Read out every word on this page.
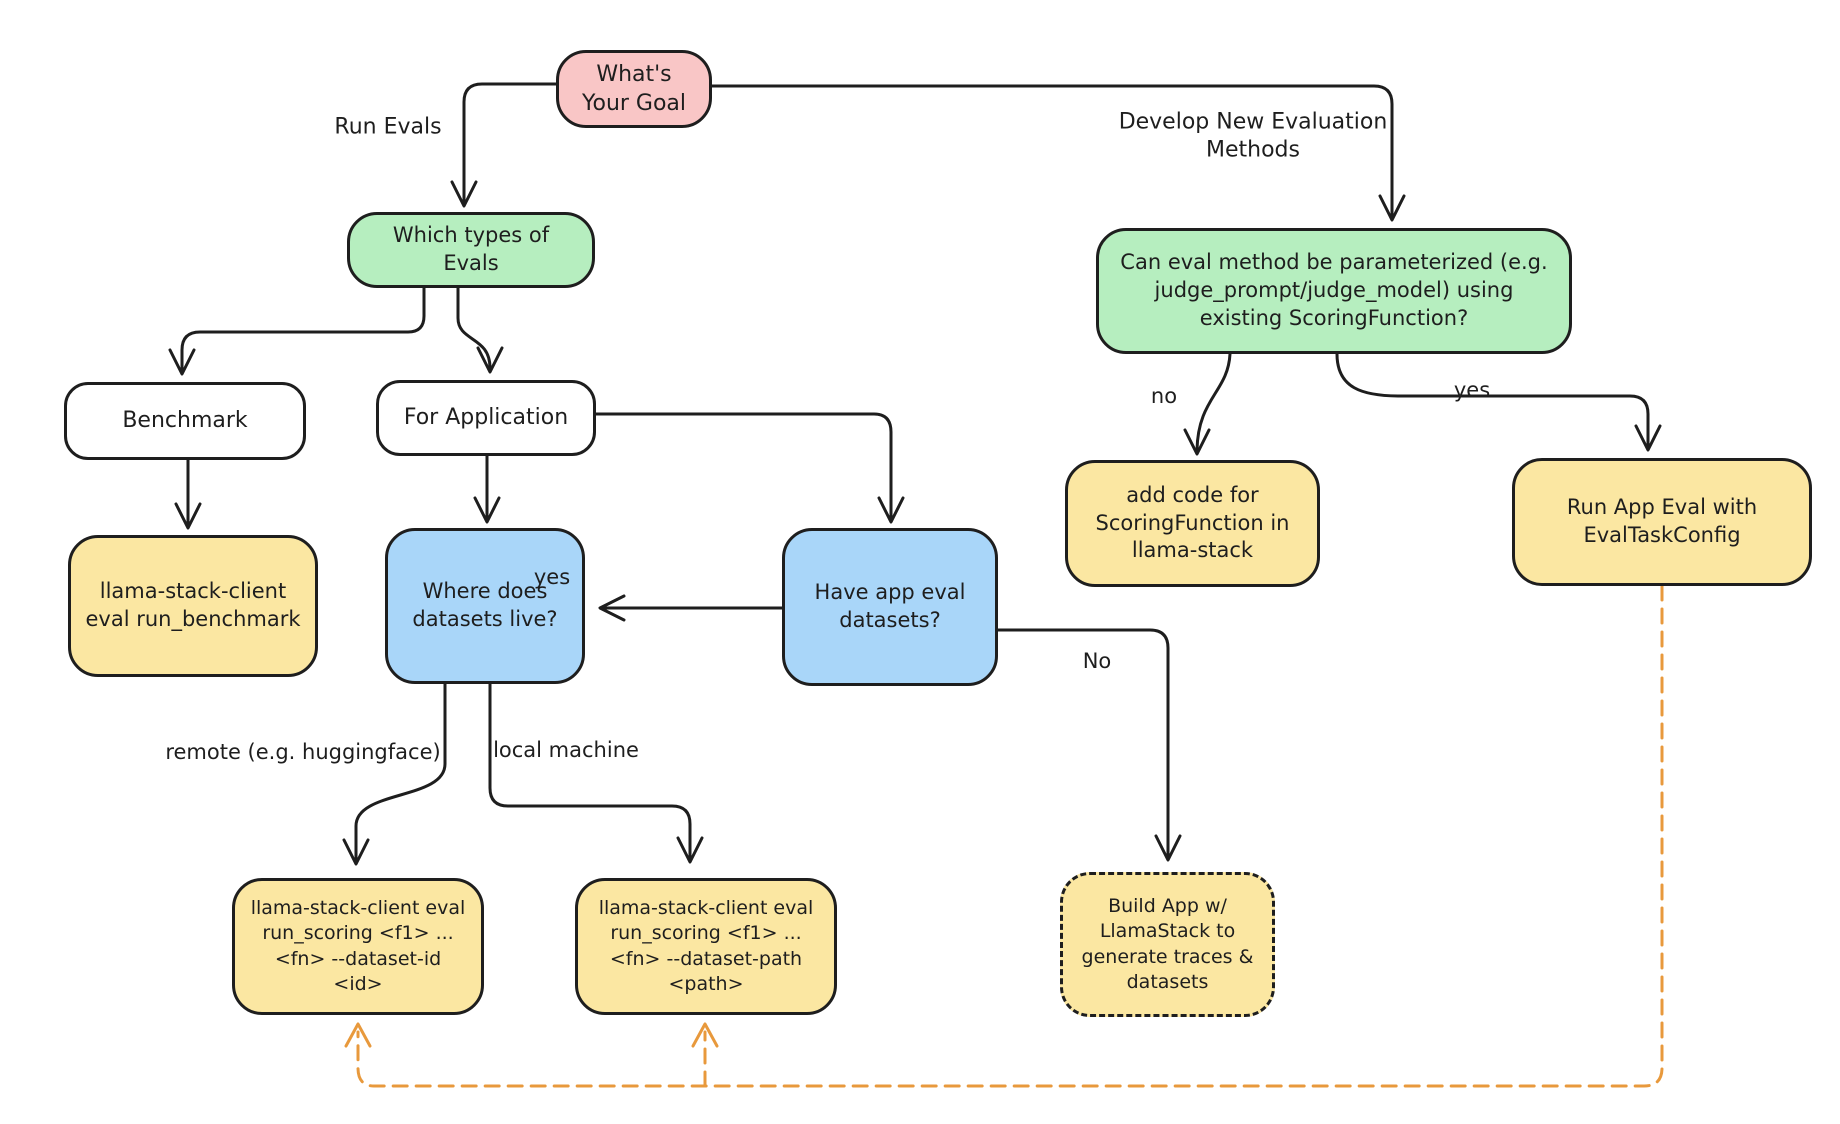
What's Your Goal
Which types of Evals	Can eval method be parameterized (e.g. judge_prompt/judge_model) using existing ScoringFunction?
Benchmark	For Application
llama-stack-client eval run_benchmark
Where does datasets live?
Have app eval datasets?
add code for ScoringFunction in llama-stack
Run App Eval with EvalTaskConfig
llama-stack-client eval run_scoring <f1> ... <fn> --dataset-id <id>
llama-stack-client eval run_scoring <f1> ... <fn> --dataset-path <path>
Build App w/ LlamaStack to generate traces & datasets
Run Evals	Develop New Evaluation Methods
no	yes
yes
No
remote (e.g. huggingface) local machine
